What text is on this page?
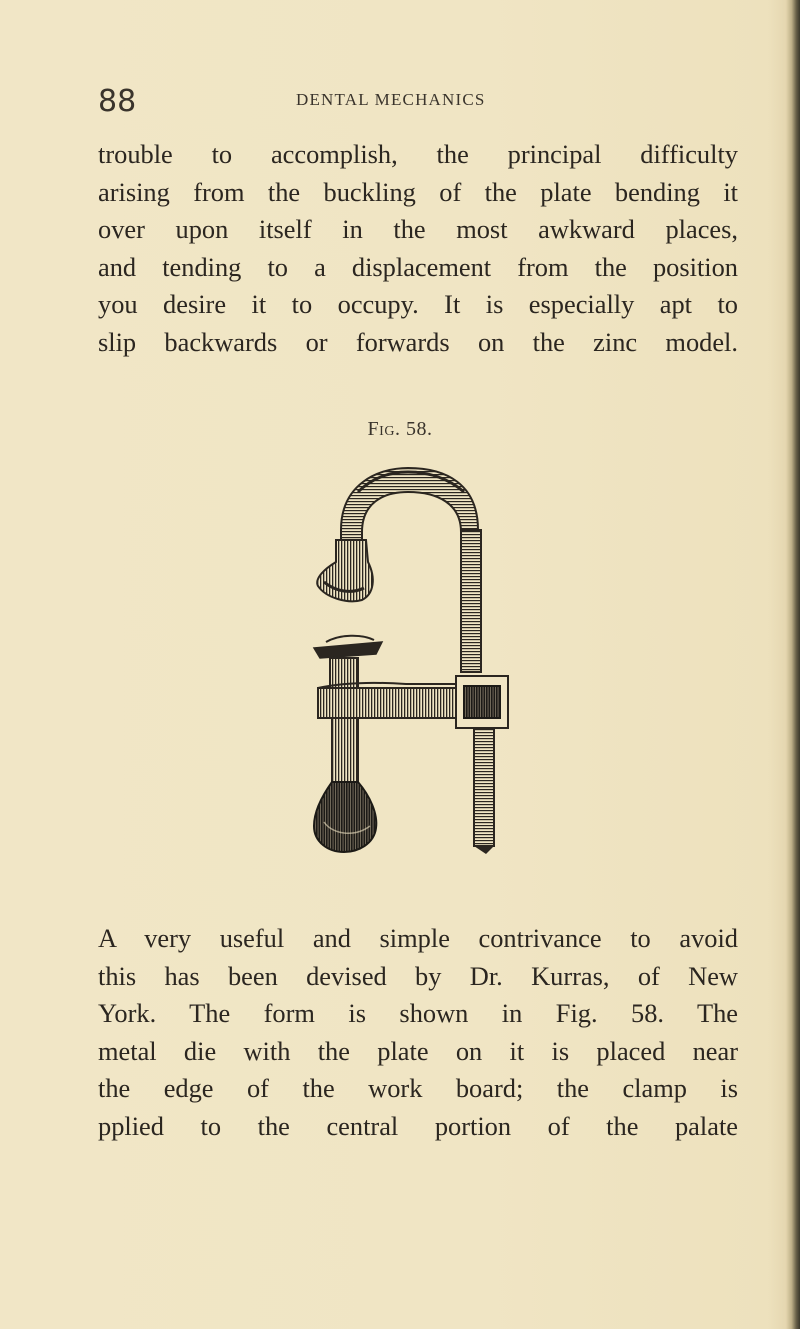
88	DENTAL MECHANICS
trouble to accomplish, the principal difficulty
arising from the buckling of the plate bending it
over upon itself in the most awkward places,
and tending to a displacement from the position
you desire it to occupy. It is especially apt to
slip backwards or forwards on the zinc model.
Fig. 58.
A very useful and simple contrivance to avoid
this has been devised by Dr. Kurras, of New
York. The form is shown in Fig. 58. The
metal die with the plate on it is placed near
the edge of the work board; the clamp is
pplied to the central portion of the palate
